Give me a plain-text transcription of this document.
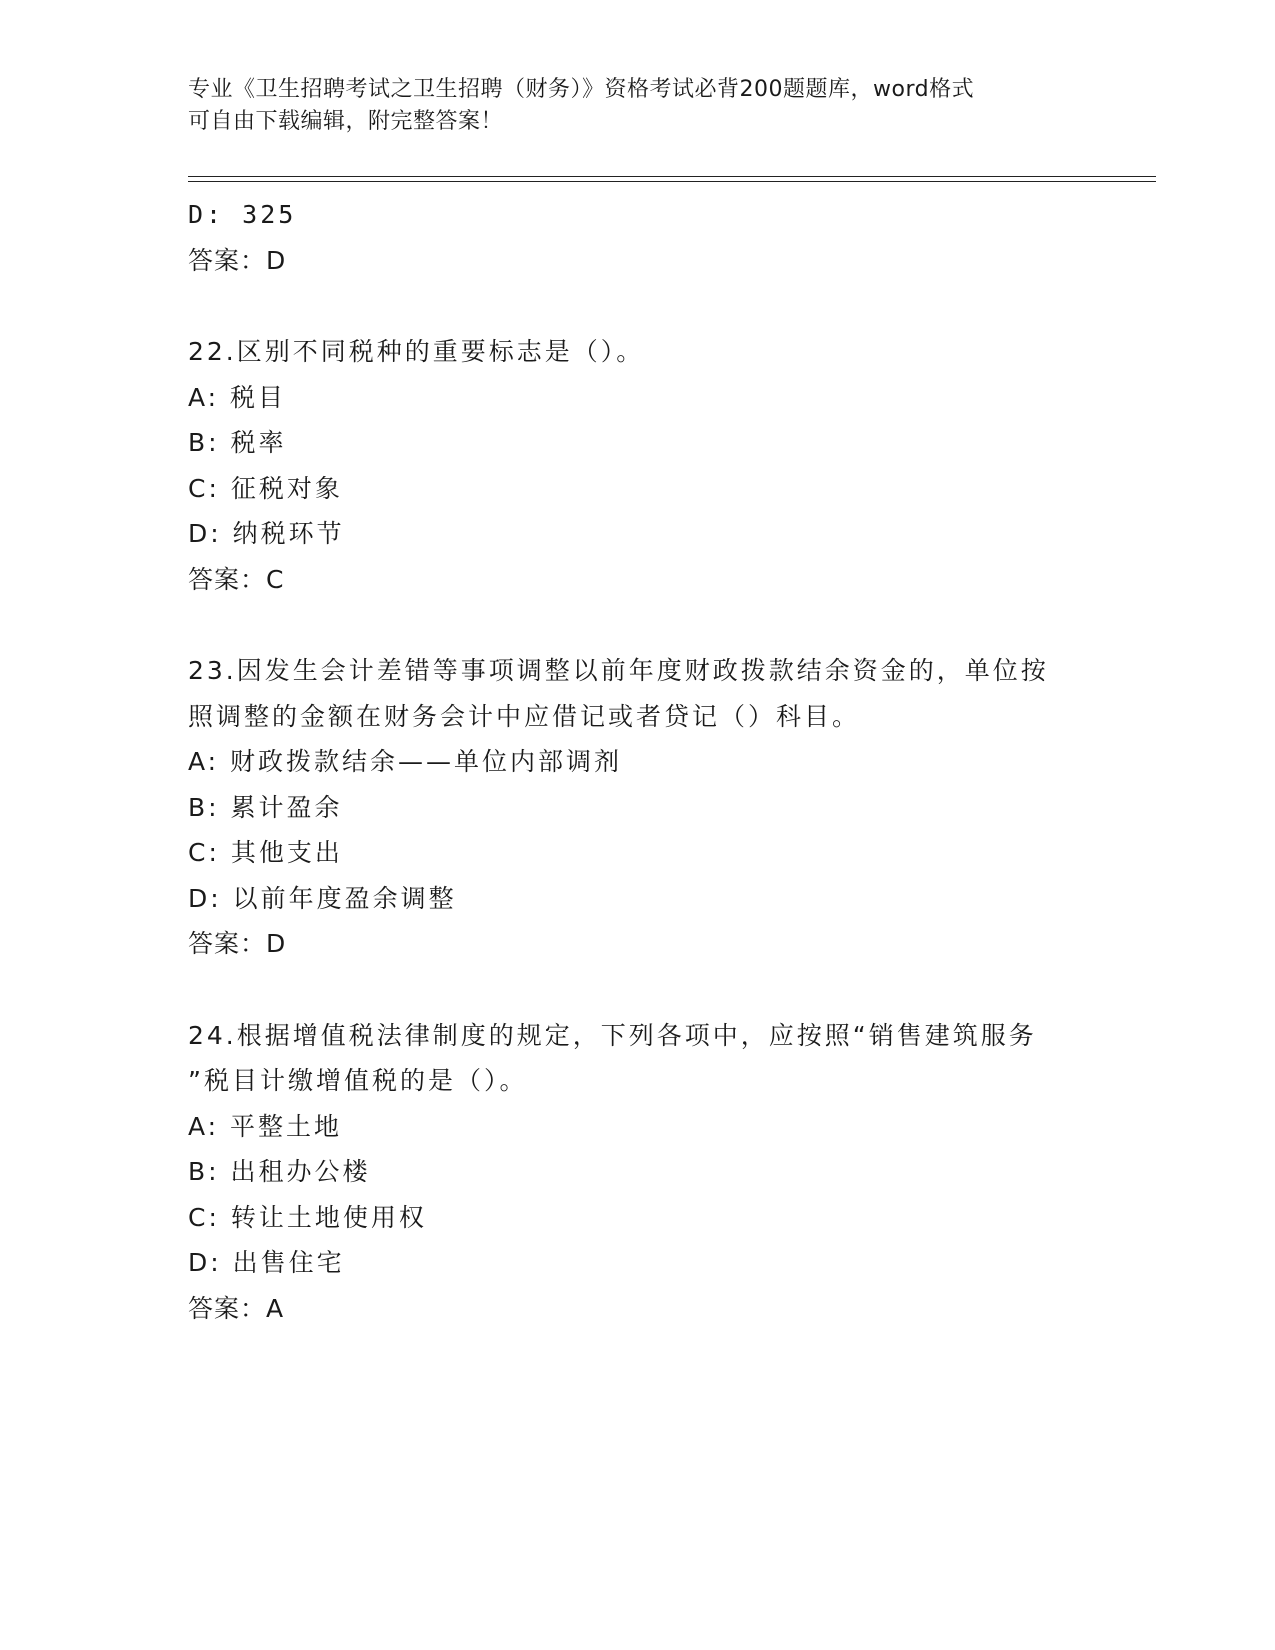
专业《卫生招聘考试之卫生招聘（财务）》资格考试必背200题题库，word格式
可自由下载编辑，附完整答案！
D: 325
答案：D
22.区别不同税种的重要标志是（）。
A: 税目
B: 税率
C: 征税对象
D: 纳税环节
答案：C
23.因发生会计差错等事项调整以前年度财政拨款结余资金的，单位按
照调整的金额在财务会计中应借记或者贷记（）科目。
A: 财政拨款结余——单位内部调剂
B: 累计盈余
C: 其他支出
D: 以前年度盈余调整
答案：D
24.根据增值税法律制度的规定，下列各项中，应按照“销售建筑服务
”税目计缴增值税的是（）。
A: 平整土地
B: 出租办公楼
C: 转让土地使用权
D: 出售住宅
答案：A
